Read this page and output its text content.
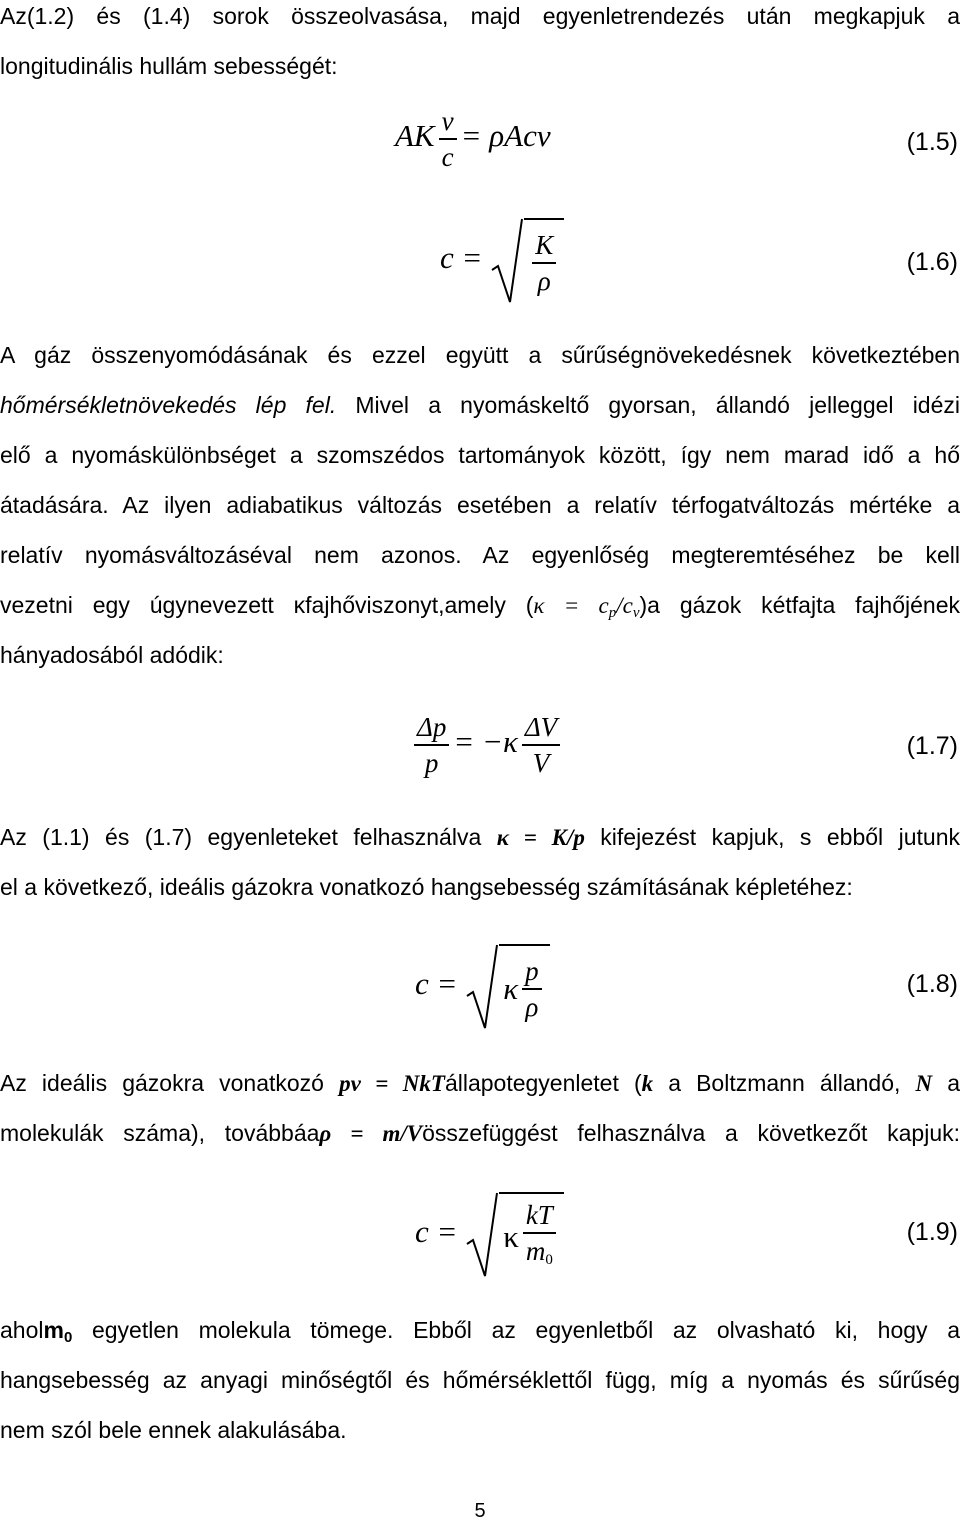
Az(1.2) és (1.4) sorok összeolvasása, majd egyenletrendezés után megkapjuk a
longitudinális hullám sebességét:
AK $\frac{v}{c} = \rho Acv$	(1.5)
$c = \frac{K}{\rho}$	(1.6)
A gáz összenyomódásának és ezzel együtt a sűrűségnövekedésnek következtében
hőmérsékletnövekedés lép fel. Mivel a nyomáskeltő gyorsan, állandó jelleggel idézi
elő a nyomáskülönbséget a szomszédos tartományok között, így nem marad idő a hő
átadására. Az ilyen adiabatikus változás esetében a relatív térfogatváltozás mértéke a
relatív nyomásváltozáséval nem azonos. Az egyenlőség megteremtéséhez be kell
vezetni egy úgynevezett κfajhőviszonyt,amely $(\kappa = c_p/c_v)a$ gázok kétfajta fajhőjének
hányadosából adódik:
$\frac{\Delta p}{p} = -\kappa \frac{\Delta V}{V}$	(1.7)
Az (1.1) és (1.7) egyenleteket felhasználva κ = K/p kifejezést kapjuk, s ebből jutunk
el a következő, ideális gázokra vonatkozó hangsebesség számításának képletéhez:
c = κ $\frac{p}{\rho}$	(1.8)
Az ideális gázokra vonatkozó pv = NkTállapotegyenletet (k a Boltzmann állandó, N a
molekulák száma), továbbáaρ = m/Vösszefüggést felhasználva a következőt kapjuk:
c = κ $\frac{kT}{m_0}$	(1.9)
aholm$_0$ egyetlen molekula tömege. Ebből az egyenletből az olvasható ki, hogy a
hangsebesség az anyagi minőségtől és hőmérséklettől függ, míg a nyomás és sűrűség
nem szól bele ennek alakulásába.
5
